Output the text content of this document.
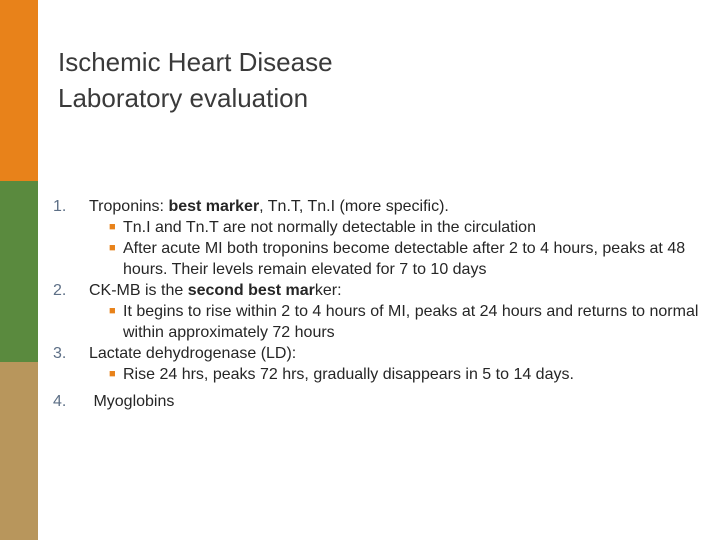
Ischemic Heart Disease
Laboratory evaluation
1. Troponins: best marker, Tn.T, Tn.I (more specific).
■ Tn.I and Tn.T are not normally detectable in the circulation
■ After acute MI both troponins become detectable after 2 to 4 hours, peaks at 48 hours. Their levels remain elevated for 7 to 10 days
2. CK-MB is the second best marker:
■ It begins to rise within 2 to 4 hours of MI, peaks at 24 hours and returns to normal within approximately 72 hours
3. Lactate dehydrogenase (LD):
■ Rise 24 hrs, peaks 72 hrs, gradually disappears in 5 to 14 days.
4. Myoglobins
